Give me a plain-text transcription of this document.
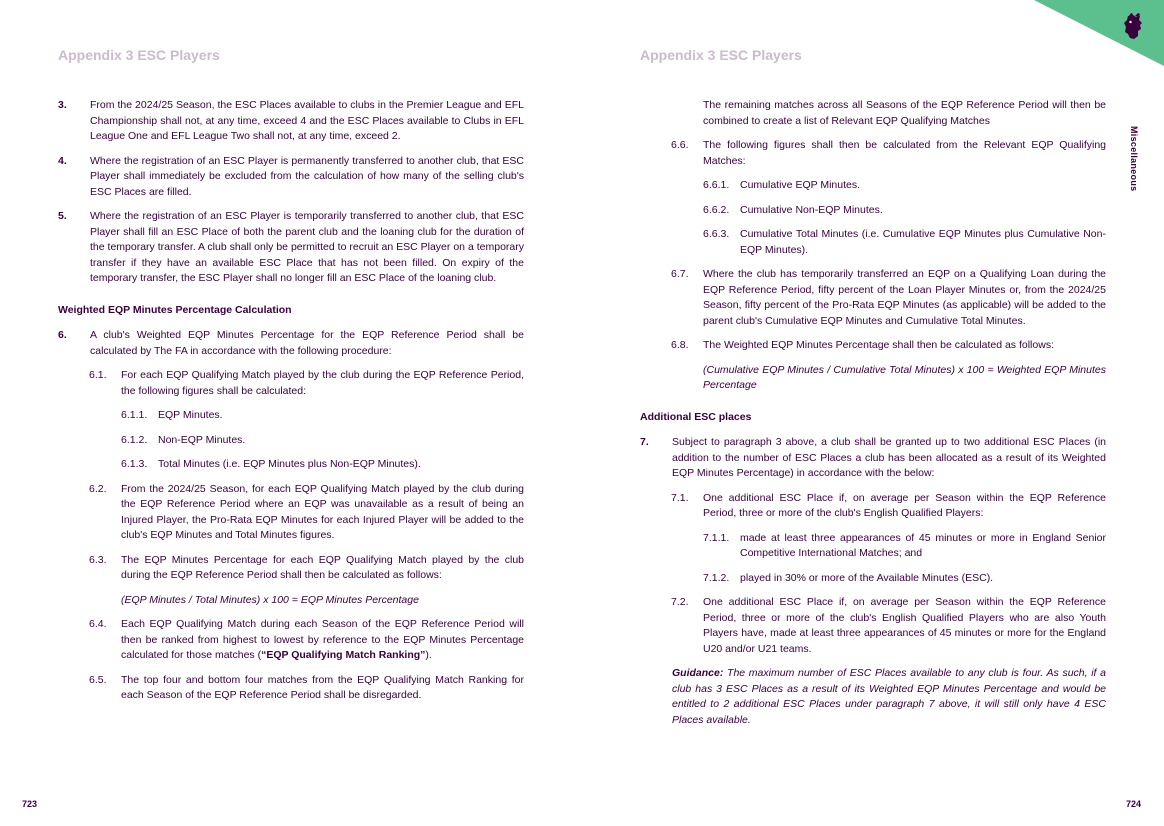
Miscellaneous
Appendix 3 ESC Players
3. From the 2024/25 Season, the ESC Places available to clubs in the Premier League and EFL Championship shall not, at any time, exceed 4 and the ESC Places available to Clubs in EFL League One and EFL League Two shall not, at any time, exceed 2.
4. Where the registration of an ESC Player is permanently transferred to another club, that ESC Player shall immediately be excluded from the calculation of how many of the selling club's ESC Places are filled.
5. Where the registration of an ESC Player is temporarily transferred to another club, that ESC Player shall fill an ESC Place of both the parent club and the loaning club for the duration of the temporary transfer. A club shall only be permitted to recruit an ESC Player on a temporary transfer if they have an available ESC Place that has not been filled. On expiry of the temporary transfer, the ESC Player shall no longer fill an ESC Place of the loaning club.
Weighted EQP Minutes Percentage Calculation
6. A club's Weighted EQP Minutes Percentage for the EQP Reference Period shall be calculated by The FA in accordance with the following procedure:
6.1. For each EQP Qualifying Match played by the club during the EQP Reference Period, the following figures shall be calculated:
6.1.1. EQP Minutes.
6.1.2. Non-EQP Minutes.
6.1.3. Total Minutes (i.e. EQP Minutes plus Non-EQP Minutes).
6.2. From the 2024/25 Season, for each EQP Qualifying Match played by the club during the EQP Reference Period where an EQP was unavailable as a result of being an Injured Player, the Pro-Rata EQP Minutes for each Injured Player will be added to the club's EQP Minutes and Total Minutes figures.
6.3. The EQP Minutes Percentage for each EQP Qualifying Match played by the club during the EQP Reference Period shall then be calculated as follows:
(EQP Minutes / Total Minutes) x 100 = EQP Minutes Percentage
6.4. Each EQP Qualifying Match during each Season of the EQP Reference Period will then be ranked from highest to lowest by reference to the EQP Minutes Percentage calculated for those matches (“EQP Qualifying Match Ranking”).
6.5. The top four and bottom four matches from the EQP Qualifying Match Ranking for each Season of the EQP Reference Period shall be disregarded.
723
Appendix 3 ESC Players
The remaining matches across all Seasons of the EQP Reference Period will then be combined to create a list of Relevant EQP Qualifying Matches
6.6. The following figures shall then be calculated from the Relevant EQP Qualifying Matches:
6.6.1. Cumulative EQP Minutes.
6.6.2. Cumulative Non-EQP Minutes.
6.6.3. Cumulative Total Minutes (i.e. Cumulative EQP Minutes plus Cumulative Non-EQP Minutes).
6.7. Where the club has temporarily transferred an EQP on a Qualifying Loan during the EQP Reference Period, fifty percent of the Loan Player Minutes or, from the 2024/25 Season, fifty percent of the Pro-Rata EQP Minutes (as applicable) will be added to the parent club's Cumulative EQP Minutes and Cumulative Total Minutes.
6.8. The Weighted EQP Minutes Percentage shall then be calculated as follows:
(Cumulative EQP Minutes / Cumulative Total Minutes) x 100 = Weighted EQP Minutes Percentage
Additional ESC places
7. Subject to paragraph 3 above, a club shall be granted up to two additional ESC Places (in addition to the number of ESC Places a club has been allocated as a result of its Weighted EQP Minutes Percentage) in accordance with the below:
7.1. One additional ESC Place if, on average per Season within the EQP Reference Period, three or more of the club's English Qualified Players:
7.1.1. made at least three appearances of 45 minutes or more in England Senior Competitive International Matches; and
7.1.2. played in 30% or more of the Available Minutes (ESC).
7.2. One additional ESC Place if, on average per Season within the EQP Reference Period, three or more of the club's English Qualified Players who are also Youth Players have, made at least three appearances of 45 minutes or more for the England U20 and/or U21 teams.
Guidance: The maximum number of ESC Places available to any club is four. As such, if a club has 3 ESC Places as a result of its Weighted EQP Minutes Percentage and would be entitled to 2 additional ESC Places under paragraph 7 above, it will still only have 4 ESC Places available.
724
